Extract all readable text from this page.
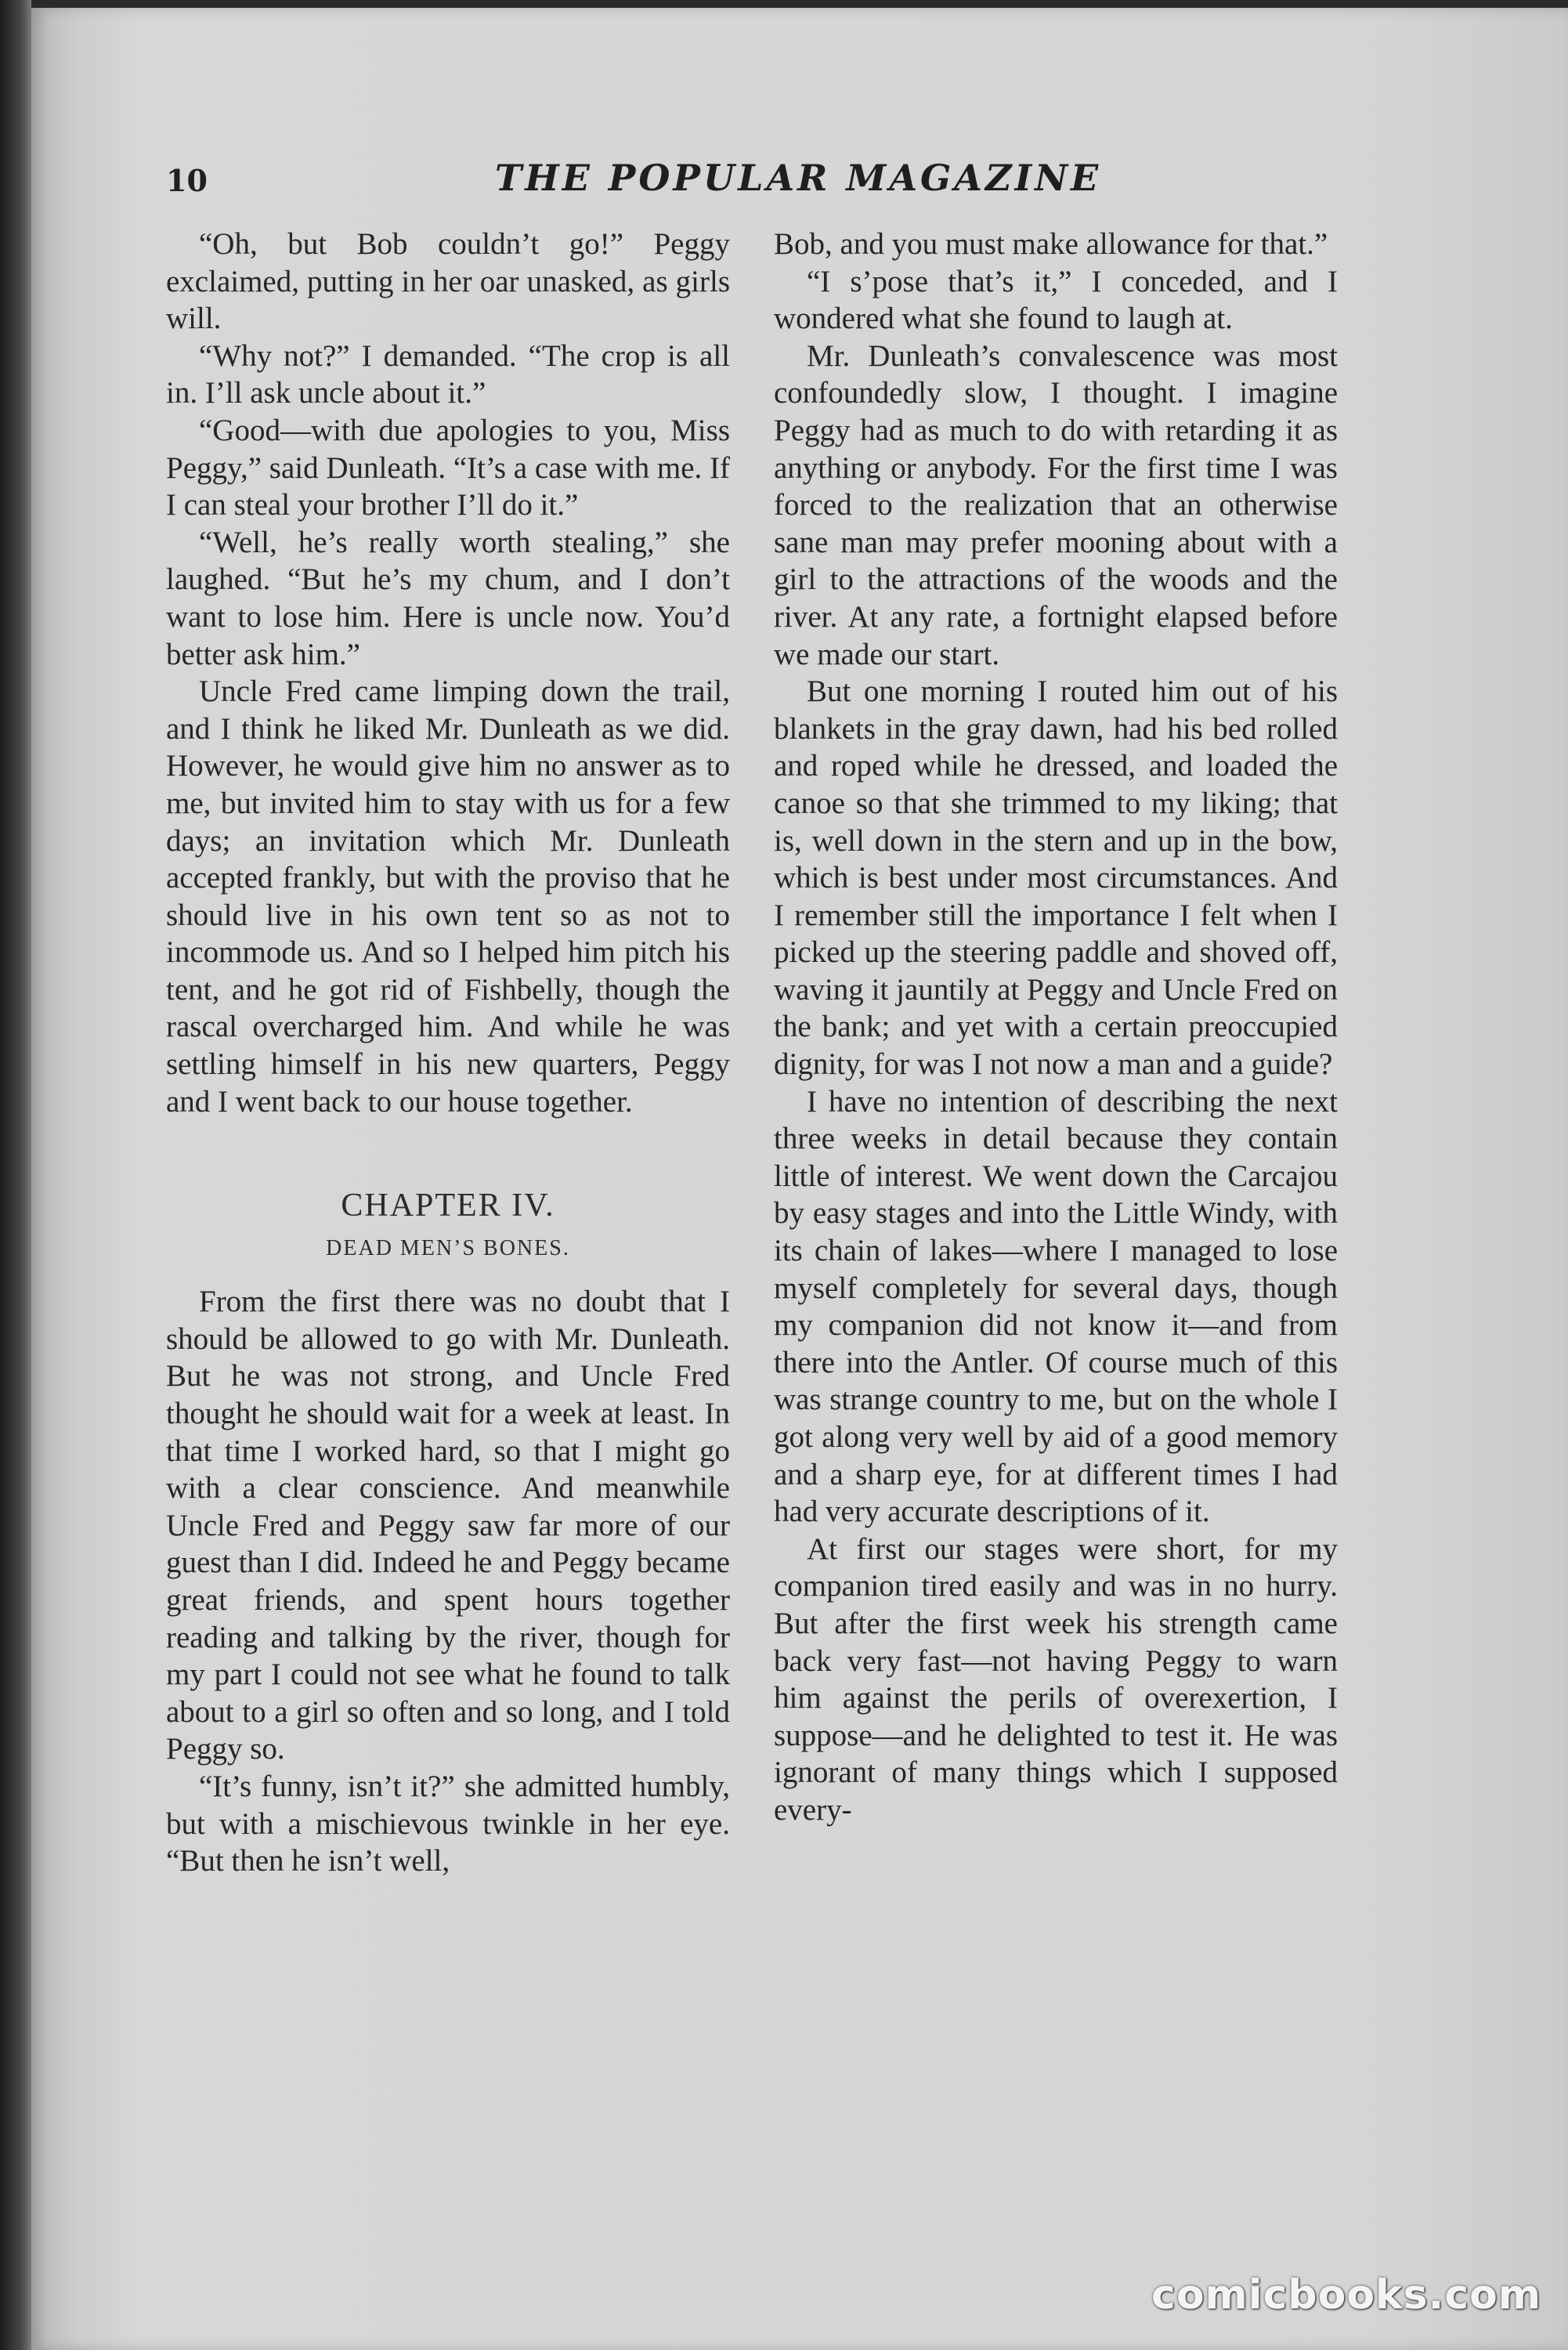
10	THE POPULAR MAGAZINE

“Oh, but Bob couldn’t go!” Peggy exclaimed, putting in her oar unasked, as girls will.

“Why not?” I demanded. “The crop is all in. I’ll ask uncle about it.”

“Good—with due apologies to you, Miss Peggy,” said Dunleath. “It’s a case with me. If I can steal your brother I’ll do it.”

“Well, he’s really worth stealing,” she laughed. “But he’s my chum, and I don’t want to lose him. Here is uncle now. You’d better ask him.”

Uncle Fred came limping down the trail, and I think he liked Mr. Dunleath as we did. However, he would give him no answer as to me, but invited him to stay with us for a few days; an invitation which Mr. Dunleath accepted frankly, but with the proviso that he should live in his own tent so as not to incommode us. And so I helped him pitch his tent, and he got rid of Fishbelly, though the rascal overcharged him. And while he was settling himself in his new quarters, Peggy and I went back to our house together.

CHAPTER IV.
DEAD MEN’S BONES.

From the first there was no doubt that I should be allowed to go with Mr. Dunleath. But he was not strong, and Uncle Fred thought he should wait for a week at least. In that time I worked hard, so that I might go with a clear conscience. And meanwhile Uncle Fred and Peggy saw far more of our guest than I did. Indeed he and Peggy became great friends, and spent hours together reading and talking by the river, though for my part I could not see what he found to talk about to a girl so often and so long, and I told Peggy so.

“It’s funny, isn’t it?” she admitted humbly, but with a mischievous twinkle in her eye. “But then he isn’t well,

Bob, and you must make allowance for that.”

“I s’pose that’s it,” I conceded, and I wondered what she found to laugh at.

Mr. Dunleath’s convalescence was most confoundedly slow, I thought. I imagine Peggy had as much to do with retarding it as anything or anybody. For the first time I was forced to the realization that an otherwise sane man may prefer mooning about with a girl to the attractions of the woods and the river. At any rate, a fortnight elapsed before we made our start.

But one morning I routed him out of his blankets in the gray dawn, had his bed rolled and roped while he dressed, and loaded the canoe so that she trimmed to my liking; that is, well down in the stern and up in the bow, which is best under most circumstances. And I remember still the importance I felt when I picked up the steering paddle and shoved off, waving it jauntily at Peggy and Uncle Fred on the bank; and yet with a certain preoccupied dignity, for was I not now a man and a guide?

I have no intention of describing the next three weeks in detail because they contain little of interest. We went down the Carcajou by easy stages and into the Little Windy, with its chain of lakes—where I managed to lose myself completely for several days, though my companion did not know it—and from there into the Antler. Of course much of this was strange country to me, but on the whole I got along very well by aid of a good memory and a sharp eye, for at different times I had had very accurate descriptions of it.

At first our stages were short, for my companion tired easily and was in no hurry. But after the first week his strength came back very fast—not having Peggy to warn him against the perils of overexertion, I suppose—and he delighted to test it. He was ignorant of many things which I supposed every-

comicbooks.com
